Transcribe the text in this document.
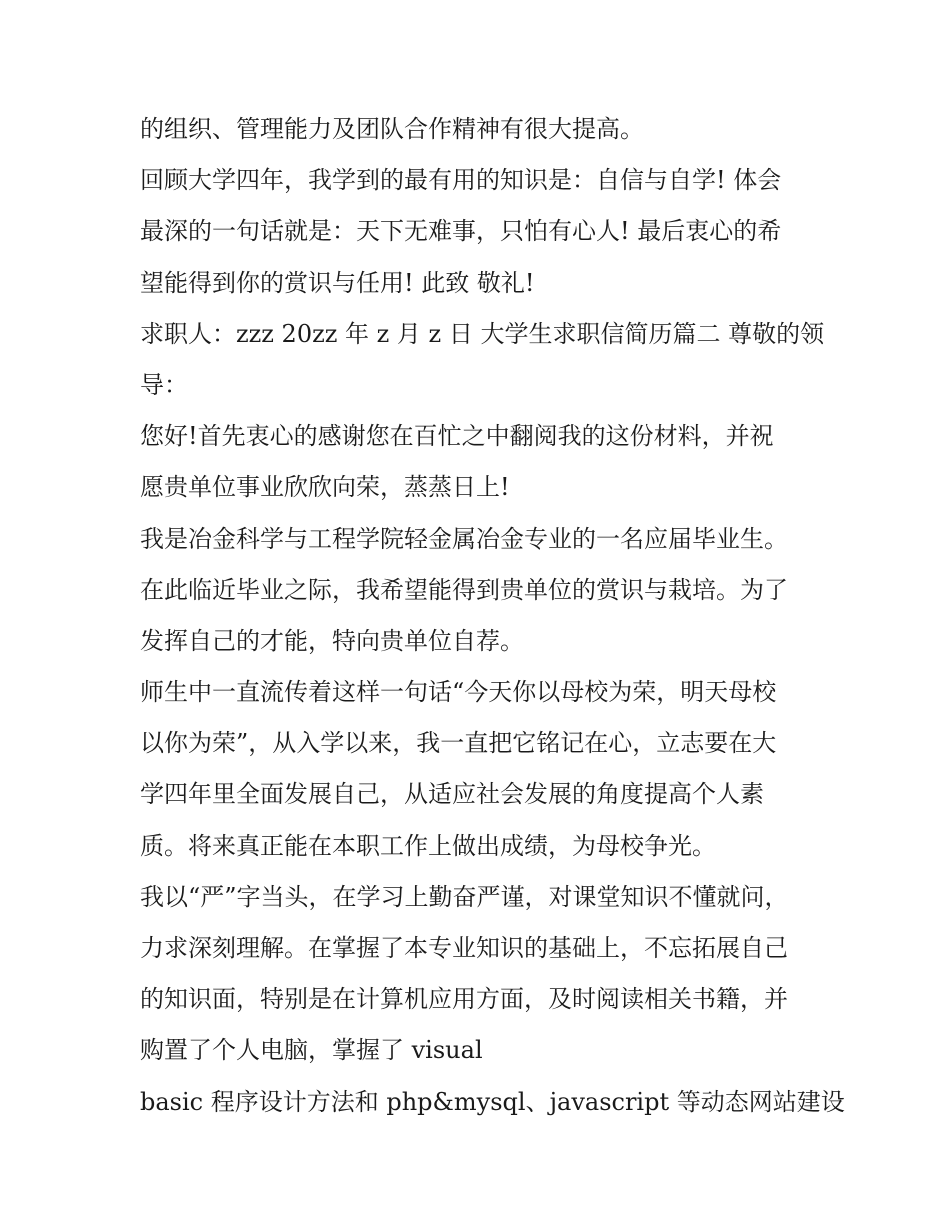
的组织、管理能力及团队合作精神有很大提高。
回顾大学四年，我学到的最有用的知识是：自信与自学! 体会
最深的一句话就是：天下无难事，只怕有心人! 最后衷心的希
望能得到你的赏识与任用! 此致 敬礼!
求职人：zzz 20zz 年 z 月 z 日 大学生求职信简历篇二 尊敬的领
导：
您好!首先衷心的感谢您在百忙之中翻阅我的这份材料，并祝
愿贵单位事业欣欣向荣，蒸蒸日上!
我是冶金科学与工程学院轻金属冶金专业的一名应届毕业生。
在此临近毕业之际，我希望能得到贵单位的赏识与栽培。为了
发挥自己的才能，特向贵单位自荐。
师生中一直流传着这样一句话“今天你以母校为荣，明天母校
以你为荣”，从入学以来，我一直把它铭记在心，立志要在大
学四年里全面发展自己，从适应社会发展的角度提高个人素
质。将来真正能在本职工作上做出成绩，为母校争光。
我以“严”字当头，在学习上勤奋严谨，对课堂知识不懂就问，
力求深刻理解。在掌握了本专业知识的基础上，不忘拓展自己
的知识面，特别是在计算机应用方面，及时阅读相关书籍，并
购置了个人电脑，掌握了 visual
basic 程序设计方法和 php&mysql、javascript 等动态网站建设
